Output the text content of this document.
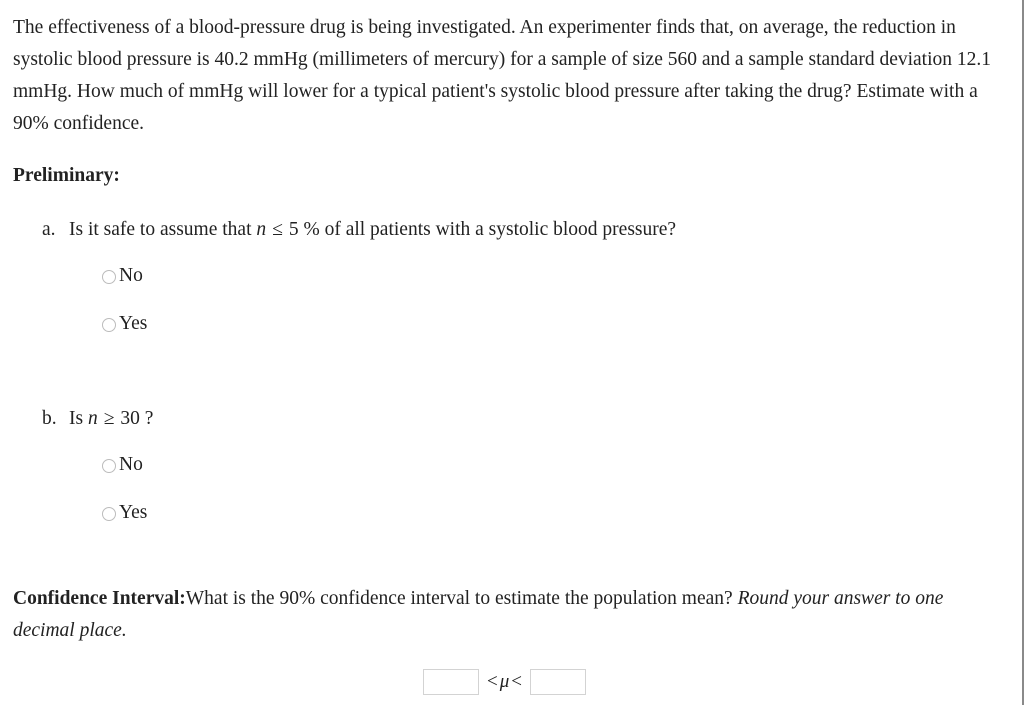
The effectiveness of a blood-pressure drug is being investigated. An experimenter finds that, on average, the reduction in systolic blood pressure is 40.2 mmHg (millimeters of mercury) for a sample of size 560 and a sample standard deviation 12.1 mmHg. How much of mmHg will lower for a typical patient's systolic blood pressure after taking the drug? Estimate with a 90% confidence.

Preliminary:

a. Is it safe to assume that n ≤ 5 % of all patients with a systolic blood pressure?

No
Yes

b. Is n ≥ 30 ?

No
Yes

Confidence Interval:What is the 90% confidence interval to estimate the population mean? Round your answer to one decimal place.

< μ <
